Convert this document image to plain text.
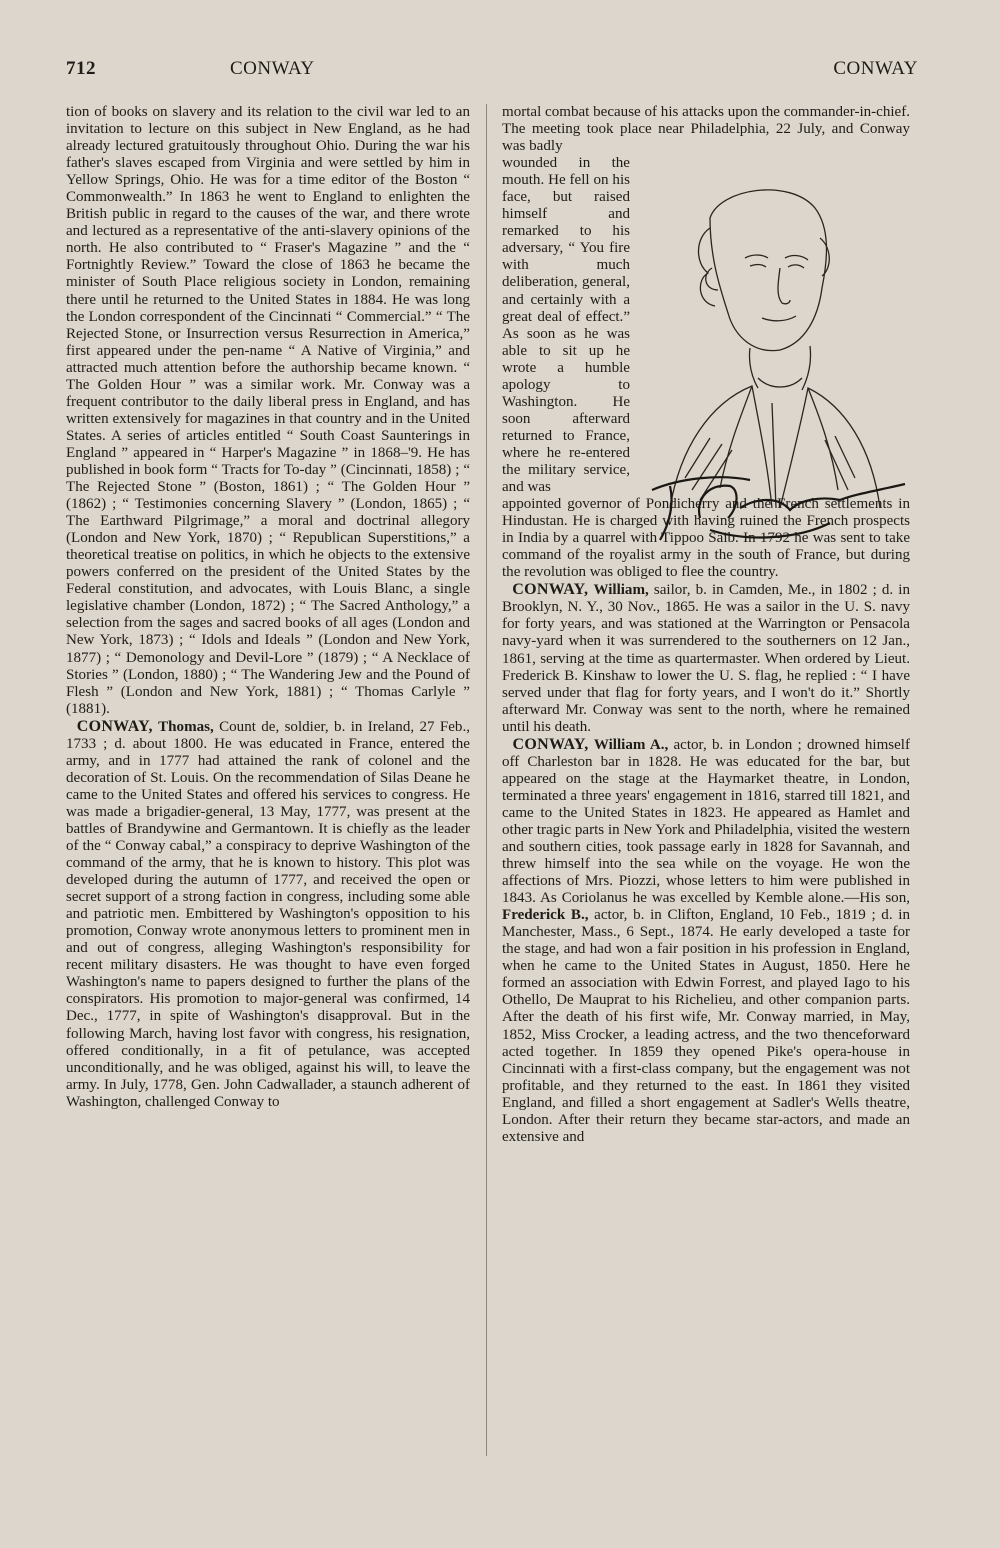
712	CONWAY	CONWAY

tion of books on slavery and its relation to the civil war led to an invitation to lecture on this subject in New England, as he had already lectured gratuitously throughout Ohio. During the war his father's slaves escaped from Virginia and were settled by him in Yellow Springs, Ohio. He was for a time editor of the Boston “ Commonwealth.” In 1863 he went to England to enlighten the British public in regard to the causes of the war, and there wrote and lectured as a representative of the anti-slavery opinions of the north. He also contributed to “ Fraser's Magazine ” and the “ Fortnightly Review.” Toward the close of 1863 he became the minister of South Place religious society in London, remaining there until he returned to the United States in 1884. He was long the London correspondent of the Cincinnati “ Commercial.” “ The Rejected Stone, or Insurrection versus Resurrection in America,” first appeared under the pen-name “ A Native of Virginia,” and attracted much attention before the authorship became known. “ The Golden Hour ” was a similar work. Mr. Conway was a frequent contributor to the daily liberal press in England, and has written extensively for magazines in that country and in the United States. A series of articles entitled “ South Coast Saunterings in England ” appeared in “ Harper's Magazine ” in 1868–'9. He has published in book form “ Tracts for To-day ” (Cincinnati, 1858) ; “ The Rejected Stone ” (Boston, 1861) ; “ The Golden Hour ” (1862) ; “ Testimonies concerning Slavery ” (London, 1865) ; “ The Earthward Pilgrimage,” a moral and doctrinal allegory (London and New York, 1870) ; “ Republican Superstitions,” a theoretical treatise on politics, in which he objects to the extensive powers conferred on the president of the United States by the Federal constitution, and advocates, with Louis Blanc, a single legislative chamber (London, 1872) ; “ The Sacred Anthology,” a selection from the sages and sacred books of all ages (London and New York, 1873) ; “ Idols and Ideals ” (London and New York, 1877) ; “ Demonology and Devil-Lore ” (1879) ; “ A Necklace of Stories ” (London, 1880) ; “ The Wandering Jew and the Pound of Flesh ” (London and New York, 1881) ; “ Thomas Carlyle ” (1881).

CONWAY, Thomas, Count de, soldier, b. in Ireland, 27 Feb., 1733 ; d. about 1800. He was educated in France, entered the army, and in 1777 had attained the rank of colonel and the decoration of St. Louis. On the recommendation of Silas Deane he came to the United States and offered his services to congress. He was made a brigadier-general, 13 May, 1777, was present at the battles of Brandywine and Germantown. It is chiefly as the leader of the “ Conway cabal,” a conspiracy to deprive Washington of the command of the army, that he is known to history. This plot was developed during the autumn of 1777, and received the open or secret support of a strong faction in congress, including some able and patriotic men. Embittered by Washington's opposition to his promotion, Conway wrote anonymous letters to prominent men in and out of congress, alleging Washington's responsibility for recent military disasters. He was thought to have even forged Washington's name to papers designed to further the plans of the conspirators. His promotion to major-general was confirmed, 14 Dec., 1777, in spite of Washington's disapproval. But in the following March, having lost favor with congress, his resignation, offered conditionally, in a fit of petulance, was accepted unconditionally, and he was obliged, against his will, to leave the army. In July, 1778, Gen. John Cadwallader, a staunch adherent of Washington, challenged Conway to

mortal combat because of his attacks upon the commander-in-chief. The meeting took place near Philadelphia, 22 July, and Conway was badly

wounded in the mouth. He fell on his face, but raised himself and remarked to his adversary, “ You fire with much deliberation, general, and certainly with a great deal of effect.” As soon as he was able to sit up he wrote a humble apology to Washington. He soon afterward returned to France, where he re-entered the military service, and was

appointed governor of Pondicherry and the French settlements in Hindustan. He is charged with having ruined the French prospects in India by a quarrel with Tippoo Saib. In 1792 he was sent to take command of the royalist army in the south of France, but during the revolution was obliged to flee the country.

CONWAY, William, sailor, b. in Camden, Me., in 1802 ; d. in Brooklyn, N. Y., 30 Nov., 1865. He was a sailor in the U. S. navy for forty years, and was stationed at the Warrington or Pensacola navy-yard when it was surrendered to the southerners on 12 Jan., 1861, serving at the time as quartermaster. When ordered by Lieut. Frederick B. Kinshaw to lower the U. S. flag, he replied : “ I have served under that flag for forty years, and I won't do it.” Shortly afterward Mr. Conway was sent to the north, where he remained until his death.

CONWAY, William A., actor, b. in London ; drowned himself off Charleston bar in 1828. He was educated for the bar, but appeared on the stage at the Haymarket theatre, in London, terminated a three years' engagement in 1816, starred till 1821, and came to the United States in 1823. He appeared as Hamlet and other tragic parts in New York and Philadelphia, visited the western and southern cities, took passage early in 1828 for Savannah, and threw himself into the sea while on the voyage. He won the affections of Mrs. Piozzi, whose letters to him were published in 1843. As Coriolanus he was excelled by Kemble alone.—His son, Frederick B., actor, b. in Clifton, England, 10 Feb., 1819 ; d. in Manchester, Mass., 6 Sept., 1874. He early developed a taste for the stage, and had won a fair position in his profession in England, when he came to the United States in August, 1850. Here he formed an association with Edwin Forrest, and played Iago to his Othello, De Mauprat to his Richelieu, and other companion parts. After the death of his first wife, Mr. Conway married, in May, 1852, Miss Crocker, a leading actress, and the two thenceforward acted together. In 1859 they opened Pike's opera-house in Cincinnati with a first-class company, but the engagement was not profitable, and they returned to the east. In 1861 they visited England, and filled a short engagement at Sadler's Wells theatre, London. After their return they became star-actors, and made an extensive and

Thᵒ Conway
